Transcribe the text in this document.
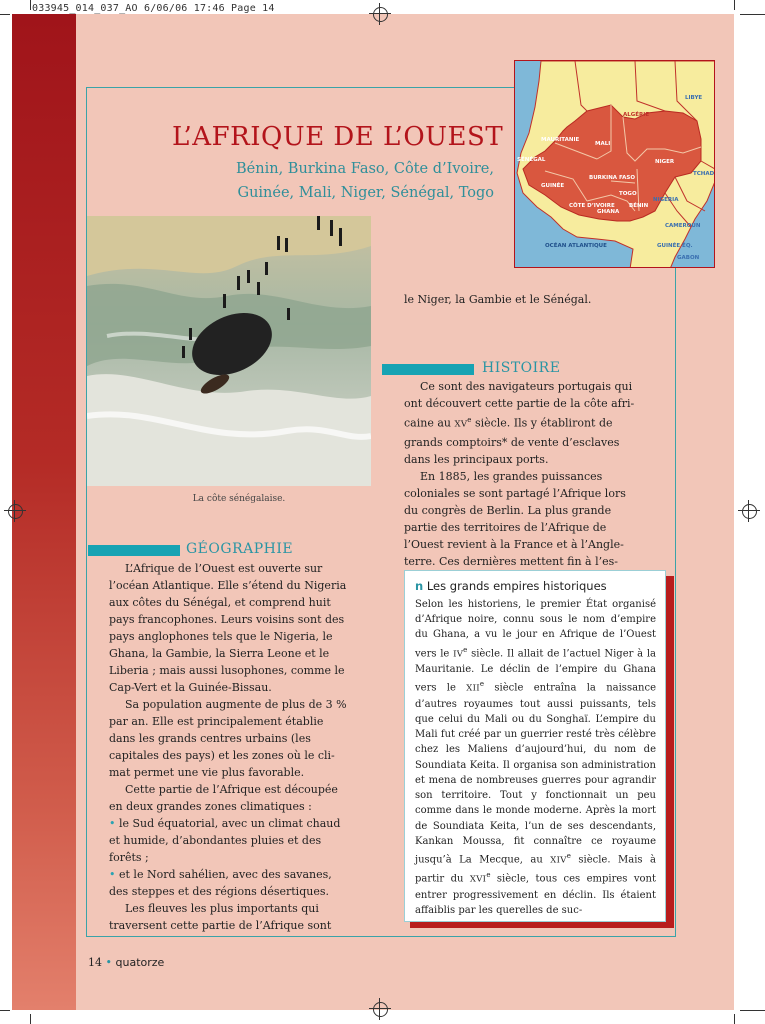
033945_014_037_AO 6/06/06 17:46 Page 14
L’AFRIQUE DE L’OUEST
Bénin, Burkina Faso, Côte d’Ivoire,
Guinée, Mali, Niger, Sénégal, Togo
LIBYE
ALGÉRIE
MAURITANIE
MALI
NIGER
TCHAD
SÉNÉGAL
GUINÉE
BURKINA FASO
CÔTE D’IVOIRE
GHANA
TOGO
BÉNIN
NIGERIA
CAMEROUN
GUINÉE ÉQ.
GABON
OCÉAN ATLANTIQUE
La côte sénégalaise.
GÉOGRAPHIE

L’Afrique de l’Ouest est ouverte sur

l’océan Atlantique. Elle s’étend du Nigeria

aux côtes du Sénégal, et comprend huit

pays francophones. Leurs voisins sont des

pays anglophones tels que le Nigeria, le

Ghana, la Gambie, la Sierra Leone et le

Liberia ; mais aussi lusophones, comme le

Cap-Vert et la Guinée-Bissau.

Sa population augmente de plus de 3 %

par an. Elle est principalement établie

dans les grands centres urbains (les

capitales des pays) et les zones où le cli-

mat permet une vie plus favorable.

Cette partie de l’Afrique est découpée

en deux grandes zones climatiques :

• le Sud équatorial, avec un climat chaud

et humide, d’abondantes pluies et des

forêts ;

• et le Nord sahélien, avec des savanes,

des steppes et des régions désertiques.

Les fleuves les plus importants qui

traversent cette partie de l’Afrique sont

le Niger, la Gambie et le Sénégal.
HISTOIRE

Ce sont des navigateurs portugais qui

ont découvert cette partie de la côte afri-

caine au XVe siècle. Ils y établiront de

grands comptoirs* de vente d’esclaves

dans les principaux ports.

En 1885, les grandes puissances

coloniales se sont partagé l’Afrique lors

du congrès de Berlin. La plus grande

partie des territoires de l’Afrique de

l’Ouest revient à la France et à l’Angle-

terre. Ces dernières mettent fin à l’es-

n Les grands empires historiques
Selon les historiens, le premier État organisé d’Afrique noire, connu sous le nom d’empire du Ghana, a vu le jour en Afrique de l’Ouest vers le IVe siècle. Il allait de l’actuel Niger à la Mauritanie. Le déclin de l’empire du Ghana vers le XIIe siècle entraîna la naissance d’autres royaumes tout aussi puissants, tels que celui du Mali ou du Songhaï. L’empire du Mali fut créé par un guerrier resté très célèbre chez les Maliens d’aujourd’hui, du nom de Soundiata Keita. Il organisa son administration et mena de nombreuses guerres pour agrandir son territoire. Tout y fonctionnait un peu comme dans le monde moderne. Après la mort de Soundiata Keita, l’un de ses descendants, Kankan Moussa, fit connaître ce royaume jusqu’à La Mecque, au XIVe siècle. Mais à partir du XVIe siècle, tous ces empires vont entrer progressivement en déclin. Ils étaient affaiblis par les querelles de suc-
14 • quatorze
